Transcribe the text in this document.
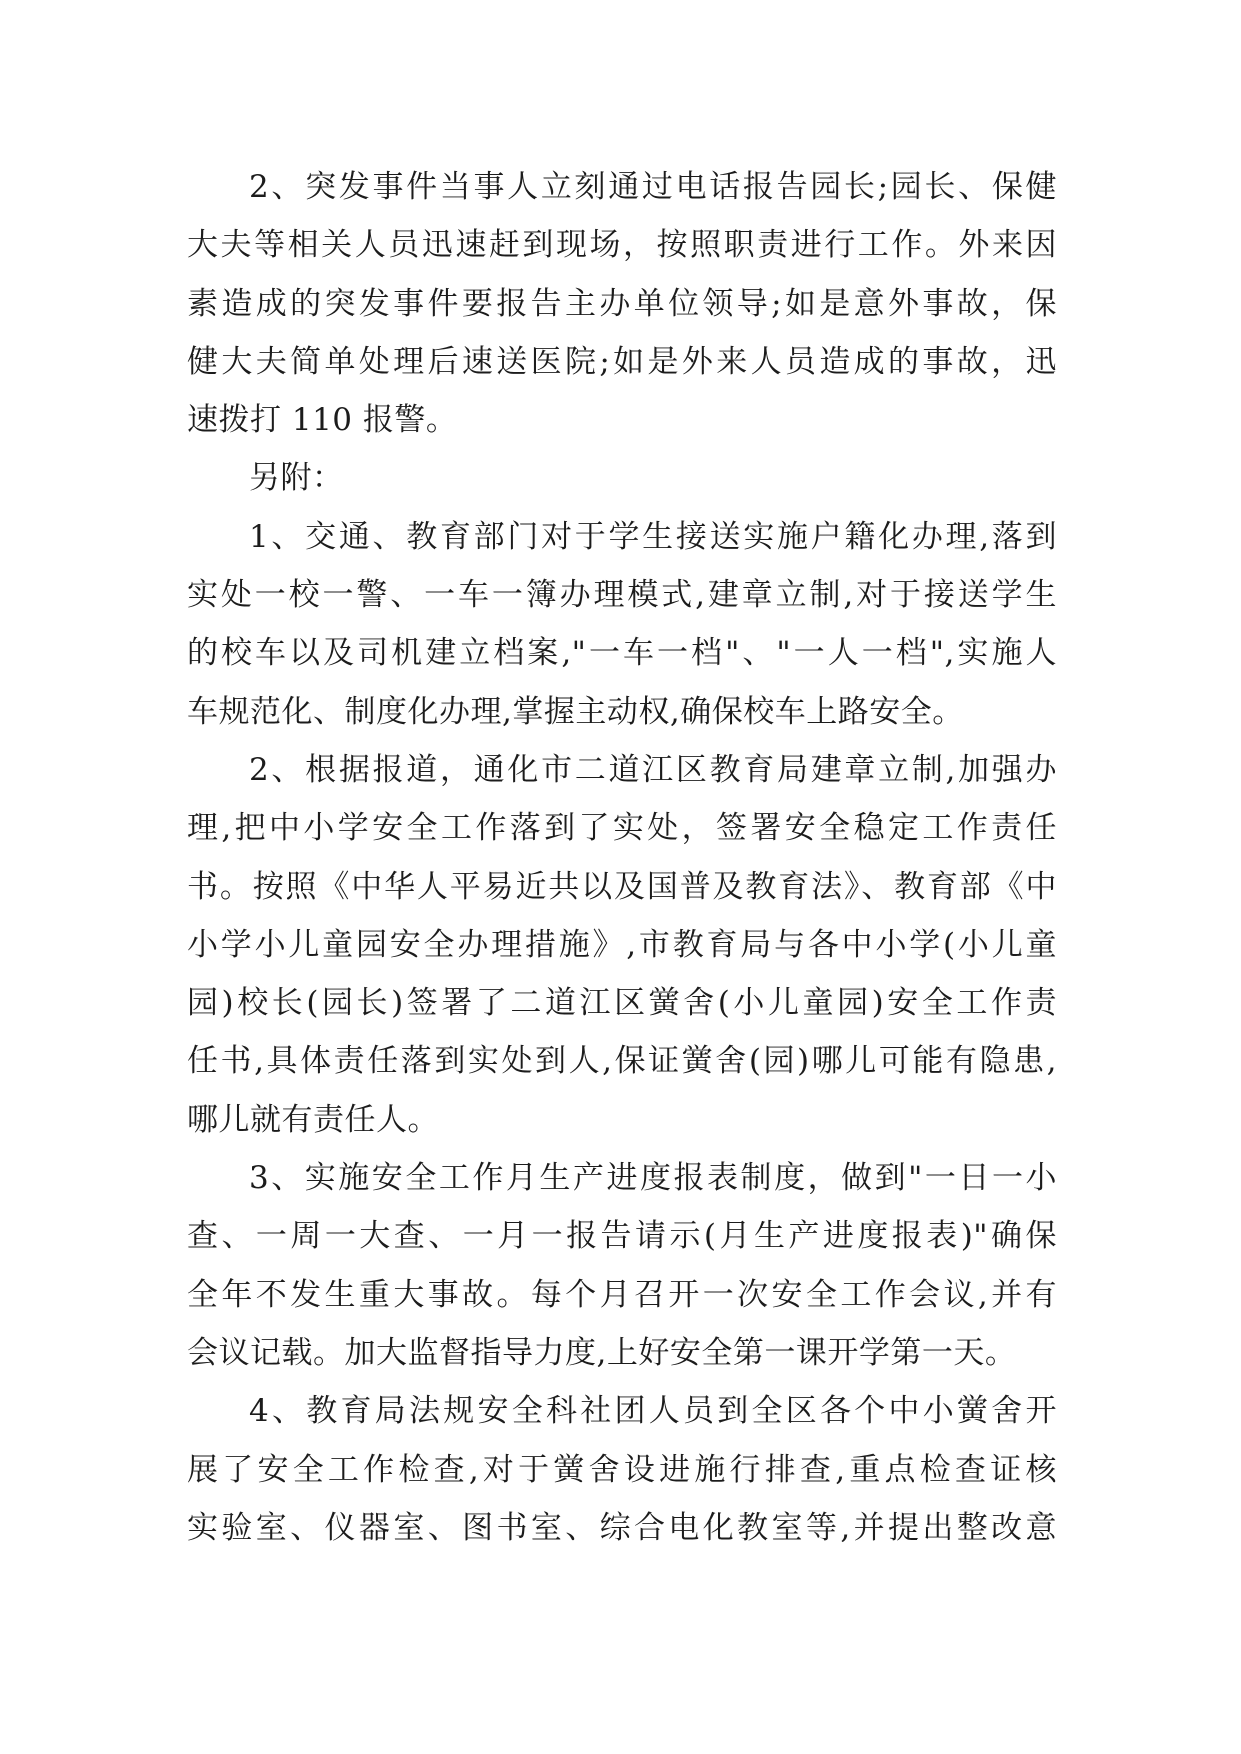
2、突发事件当事人立刻通过电话报告园长;园长、保健
大夫等相关人员迅速赶到现场，按照职责进行工作。外来因
素造成的突发事件要报告主办单位领导;如是意外事故，保
健大夫简单处理后速送医院;如是外来人员造成的事故，迅
速拨打 110 报警。
另附：
1、交通、教育部门对于学生接送实施户籍化办理,落到
实处一校一警、一车一簿办理模式,建章立制,对于接送学生
的校车以及司机建立档案,"一车一档"、"一人一档",实施人
车规范化、制度化办理,掌握主动权,确保校车上路安全。
2、根据报道，通化市二道江区教育局建章立制,加强办
理,把中小学安全工作落到了实处，签署安全稳定工作责任
书。按照《中华人平易近共以及国普及教育法》、教育部《中
小学小儿童园安全办理措施》,市教育局与各中小学(小儿童
园)校长(园长)签署了二道江区黉舍(小儿童园)安全工作责
任书,具体责任落到实处到人,保证黉舍(园)哪儿可能有隐患,
哪儿就有责任人。
3、实施安全工作月生产进度报表制度，做到"一日一小
查、一周一大查、一月一报告请示(月生产进度报表)"确保
全年不发生重大事故。每个月召开一次安全工作会议,并有
会议记载。加大监督指导力度,上好安全第一课开学第一天。
4、教育局法规安全科社团人员到全区各个中小黉舍开
展了安全工作检查,对于黉舍设进施行排查,重点检查证核
实验室、仪器室、图书室、综合电化教室等,并提出整改意
